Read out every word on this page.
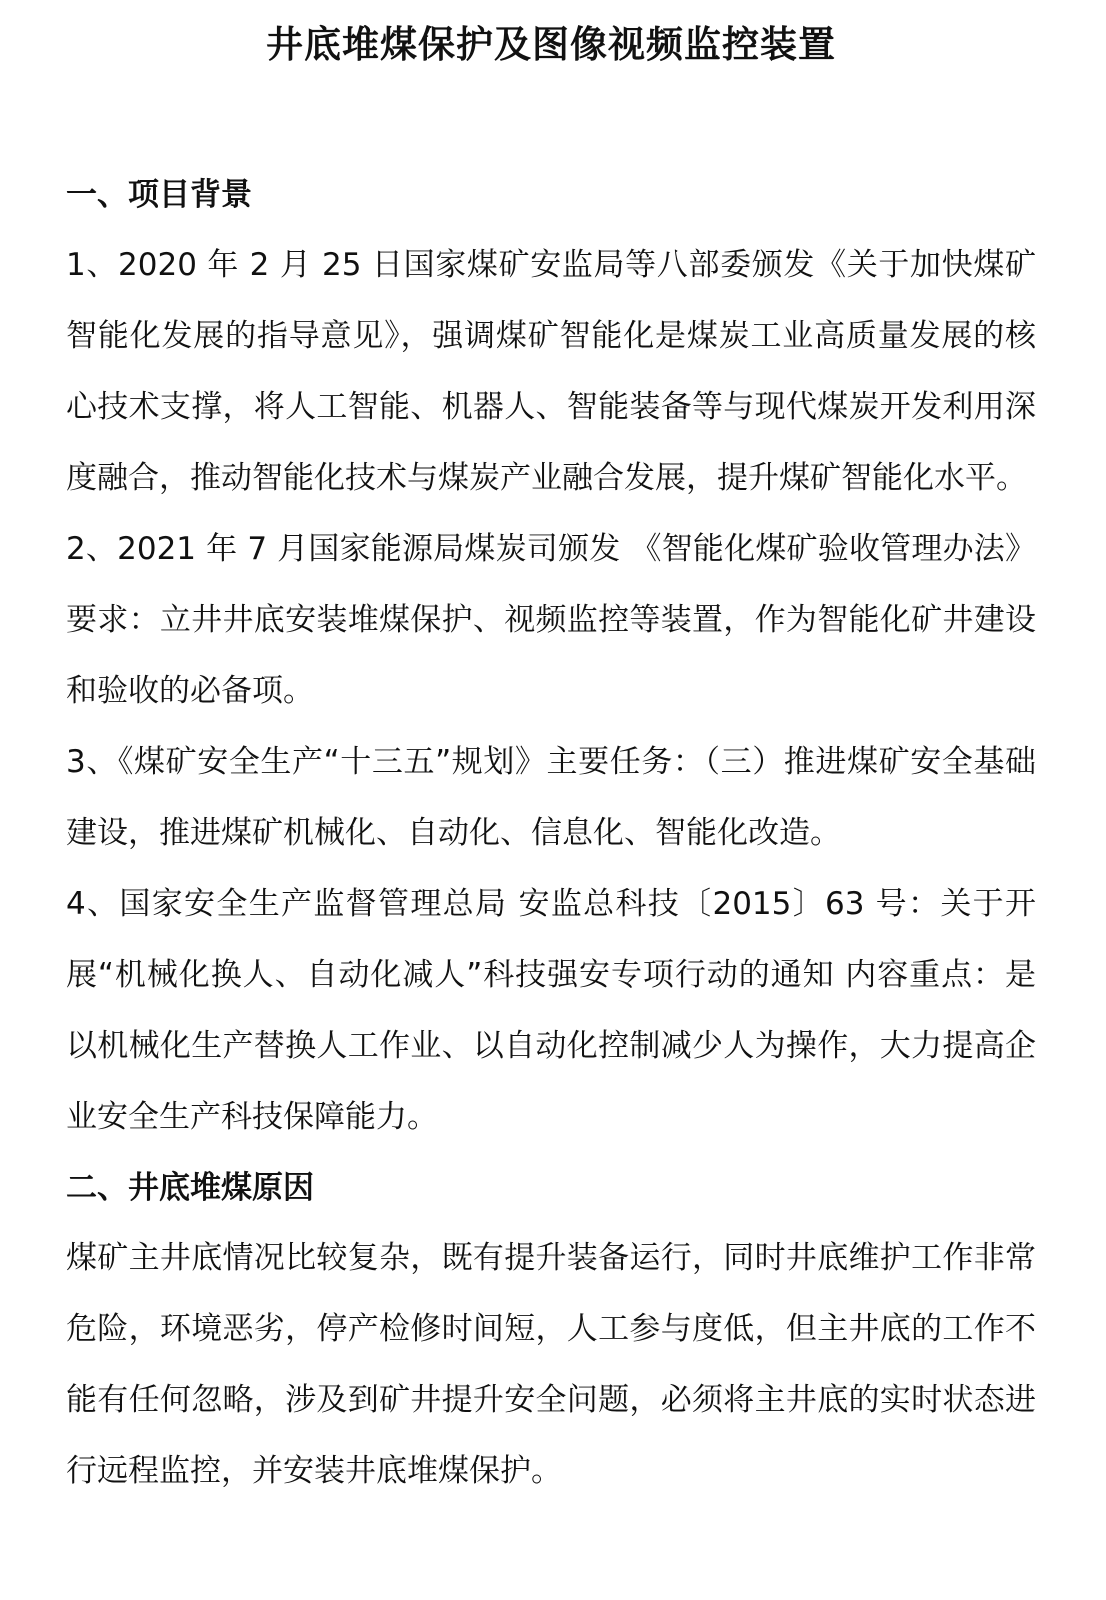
井底堆煤保护及图像视频监控装置
一、项目背景

1、2020 年 2 月 25 日国家煤矿安监局等八部委颁发《关于加快煤矿智能化发展的指导意见》，强调煤矿智能化是煤炭工业高质量发展的核心技术支撑，将人工智能、机器人、智能装备等与现代煤炭开发利用深度融合，推动智能化技术与煤炭产业融合发展，提升煤矿智能化水平。

2、2021 年 7 月国家能源局煤炭司颁发 《智能化煤矿验收管理办法》要求：立井井底安装堆煤保护、视频监控等装置，作为智能化矿井建设和验收的必备项。

3、《煤矿安全生产“十三五”规划》主要任务：（三）推进煤矿安全基础建设，推进煤矿机械化、自动化、信息化、智能化改造。

4、国家安全生产监督管理总局 安监总科技〔2015〕63 号：关于开展“机械化换人、自动化减人”科技强安专项行动的通知 内容重点：是以机械化生产替换人工作业、以自动化控制减少人为操作，大力提高企业安全生产科技保障能力。

二、井底堆煤原因

煤矿主井底情况比较复杂，既有提升装备运行，同时井底维护工作非常危险，环境恶劣，停产检修时间短，人工参与度低，但主井底的工作不能有任何忽略，涉及到矿井提升安全问题，必须将主井底的实时状态进行远程监控，并安装井底堆煤保护。
